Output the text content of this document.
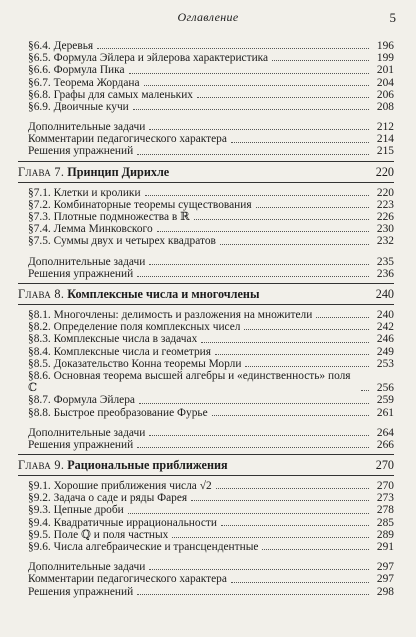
Оглавление	5
§6.4. Деревья	196
§6.5. Формула Эйлера и эйлерова характеристика	199
§6.6. Формула Пика	201
§6.7. Теорема Жордана	204
§6.8. Графы для самых маленьких	206
§6.9. Двоичные кучи	208
Дополнительные задачи	212
Комментарии педагогического характера	214
Решения упражнений	215
Глава 7. Принцип Дирихле	220
§7.1. Клетки и кролики	220
§7.2. Комбинаторные теоремы существования	223
§7.3. Плотные подмножества в ℝ	226
§7.4. Лемма Минковского	230
§7.5. Суммы двух и четырех квадратов	232
Дополнительные задачи	235
Решения упражнений	236
Глава 8. Комплексные числа и многочлены	240
§8.1. Многочлены: делимость и разложения на множители	240
§8.2. Определение поля комплексных чисел	242
§8.3. Комплексные числа в задачах	246
§8.4. Комплексные числа и геометрия	249
§8.5. Доказательство Конна теоремы Морли	253
§8.6. Основная теорема высшей алгебры и «единственность» поля ℂ	256
§8.7. Формула Эйлера	259
§8.8. Быстрое преобразование Фурье	261
Дополнительные задачи	264
Решения упражнений	266
Глава 9. Рациональные приближения	270
§9.1. Хорошие приближения числа √2	270
§9.2. Задача о саде и ряды Фарея	273
§9.3. Цепные дроби	278
§9.4. Квадратичные иррациональности	285
§9.5. Поле ℚ и поля частных	289
§9.6. Числа алгебраические и трансцендентные	291
Дополнительные задачи	297
Комментарии педагогического характера	297
Решения упражнений	298
